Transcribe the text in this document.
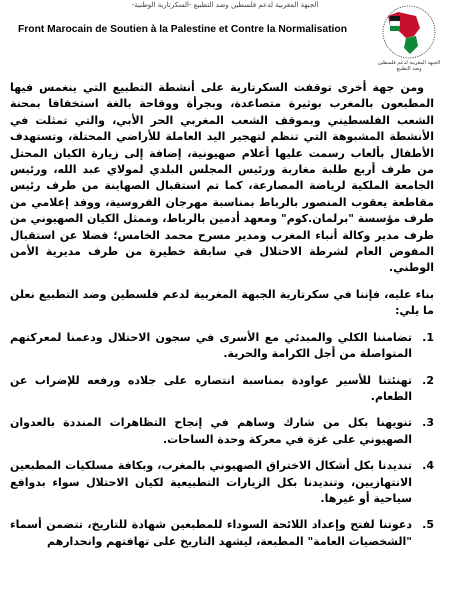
الجبهة المغربية لدعم فلسطين وضد التطبيع -السكرتارية الوطنية-
Front Marocain de Soutien à la Palestine et Contre la Normalisation
الجبهة المغربية لدعم فلسطين وضد التطبيع

ومن جهة أخرى توقفت السكرتارية على أنشطة التطبيع التي ينغمس فيها المطبعون بالمغرب بوثيرة متصاعدة، وبجرأة ووقاحة بالغة استخفافا بمحنة الشعب الفلسطيني وبموقف الشعب المغربي الحر الأبي، والتي تمثلت في الأنشطة المشبوهة التي تنظم لتهجير اليد العاملة للأراضي المحتلة، وتستهدف الأطفال بألعاب رسمت عليها أعلام صهيونية، إضافة إلى زيارة الكيان المحتل من طرف أربع طلبة مغاربة ورئيس المجلس البلدي لمولاي عبد الله، ورئيس الجامعة الملكية لرياضة المصارعة، كما تم استقبال الصهاينة من طرف رئيس مقاطعة يعقوب المنصور بالرباط بمناسبة مهرجان الفروسية، ووفد إعلامي من طرف مؤسسة "برلمان.كوم" ومعهد أدمين بالرباط، وممثل الكيان الصهيوني من طرف مدير وكالة أنباء المغرب ومدير مسرح محمد الخامس؛ فضلا عن استقبال المفوض العام لشرطة الاحتلال في سابقة خطيرة من طرف مديرية الأمن الوطني.

بناء عليه، فإننا في سكرتارية الجبهة المغربية لدعم فلسطين وضد التطبيع نعلن ما يلي:

1.
تضامننا الكلي والمبدئي مع الأسرى في سجون الاحتلال ودعمنا لمعركتهم المتواصلة من أجل الكرامة والحرية.

2.
تهنئتنا للأسير عواودة بمناسبة انتصاره على جلاده ورفعه للإضراب عن الطعام.

3.
تنويهنا بكل من شارك وساهم في إنجاح التظاهرات المنددة بالعدوان الصهيوني على غزة في معركة وحدة الساحات.

4.
تنديدنا بكل أشكال الاختراق الصهيوني بالمغرب، وبكافة مسلكيات المطبعين الانتهازيين، وتنديدنا بكل الزيارات التطبيعية لكيان الاحتلال سواء بدوافع سياحية أو غيرها.

5.
دعوتنا لفتح وإعداد اللائحة السوداء للمطبعين شهادة للتاريخ، تتضمن أسماء "الشخصيات العامة" المطبعة، ليشهد التاريخ على تهافتهم وانحدارهم
